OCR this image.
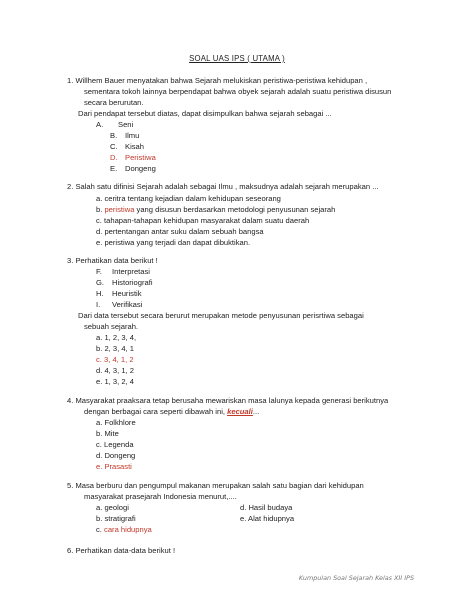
SOAL UAS IPS ( UTAMA )
1. Willhem Bauer menyatakan bahwa Sejarah melukiskan peristiwa-peristiwa kehidupan ,
sementara tokoh lainnya berpendapat bahwa obyek sejarah adalah suatu peristiwa disusun
secara berurutan.
Dari pendapat tersebut diatas, dapat disimpulkan bahwa sejarah sebagai ...
A. Seni
B. Ilmu
C. Kisah
D. Peristiwa
E. Dongeng
2. Salah satu difinisi Sejarah adalah sebagai Ilmu , maksudnya adalah sejarah merupakan ...
a. ceritra tentang kejadian dalam kehidupan seseorang
b. peristiwa yang disusun berdasarkan metodologi penyusunan sejarah
c. tahapan-tahapan kehidupan masyarakat dalam suatu daerah
d. pertentangan antar suku dalam sebuah bangsa
e. peristiwa yang terjadi dan dapat dibuktikan.
3. Perhatikan data berikut !
F. Interpretasi
G. Historiografi
H. Heuristik
I. Verifikasi
Dari data tersebut secara berurut merupakan metode penyusunan perisrtiwa sebagai
sebuah sejarah.
a. 1, 2, 3, 4,
b. 2, 3, 4, 1
c. 3, 4, 1, 2
d. 4, 3, 1, 2
e. 1, 3, 2, 4
4. Masyarakat praaksara tetap berusaha mewariskan masa lalunya kepada generasi berikutnya
dengan berbagai cara seperti dibawah ini, kecuali...
a. Folkhlore
b. Mite
c. Legenda
d. Dongeng
e. Prasasti
5. Masa berburu dan pengumpul makanan merupakan salah satu bagian dari kehidupan
masyarakat prasejarah Indonesia menurut,....
a. geologi	d. Hasil budaya
b. stratigrafi	e. Alat hidupnya
c. cara hidupnya
6. Perhatikan data-data berikut !
Kumpulan Soal Sejarah Kelas XII IPS
